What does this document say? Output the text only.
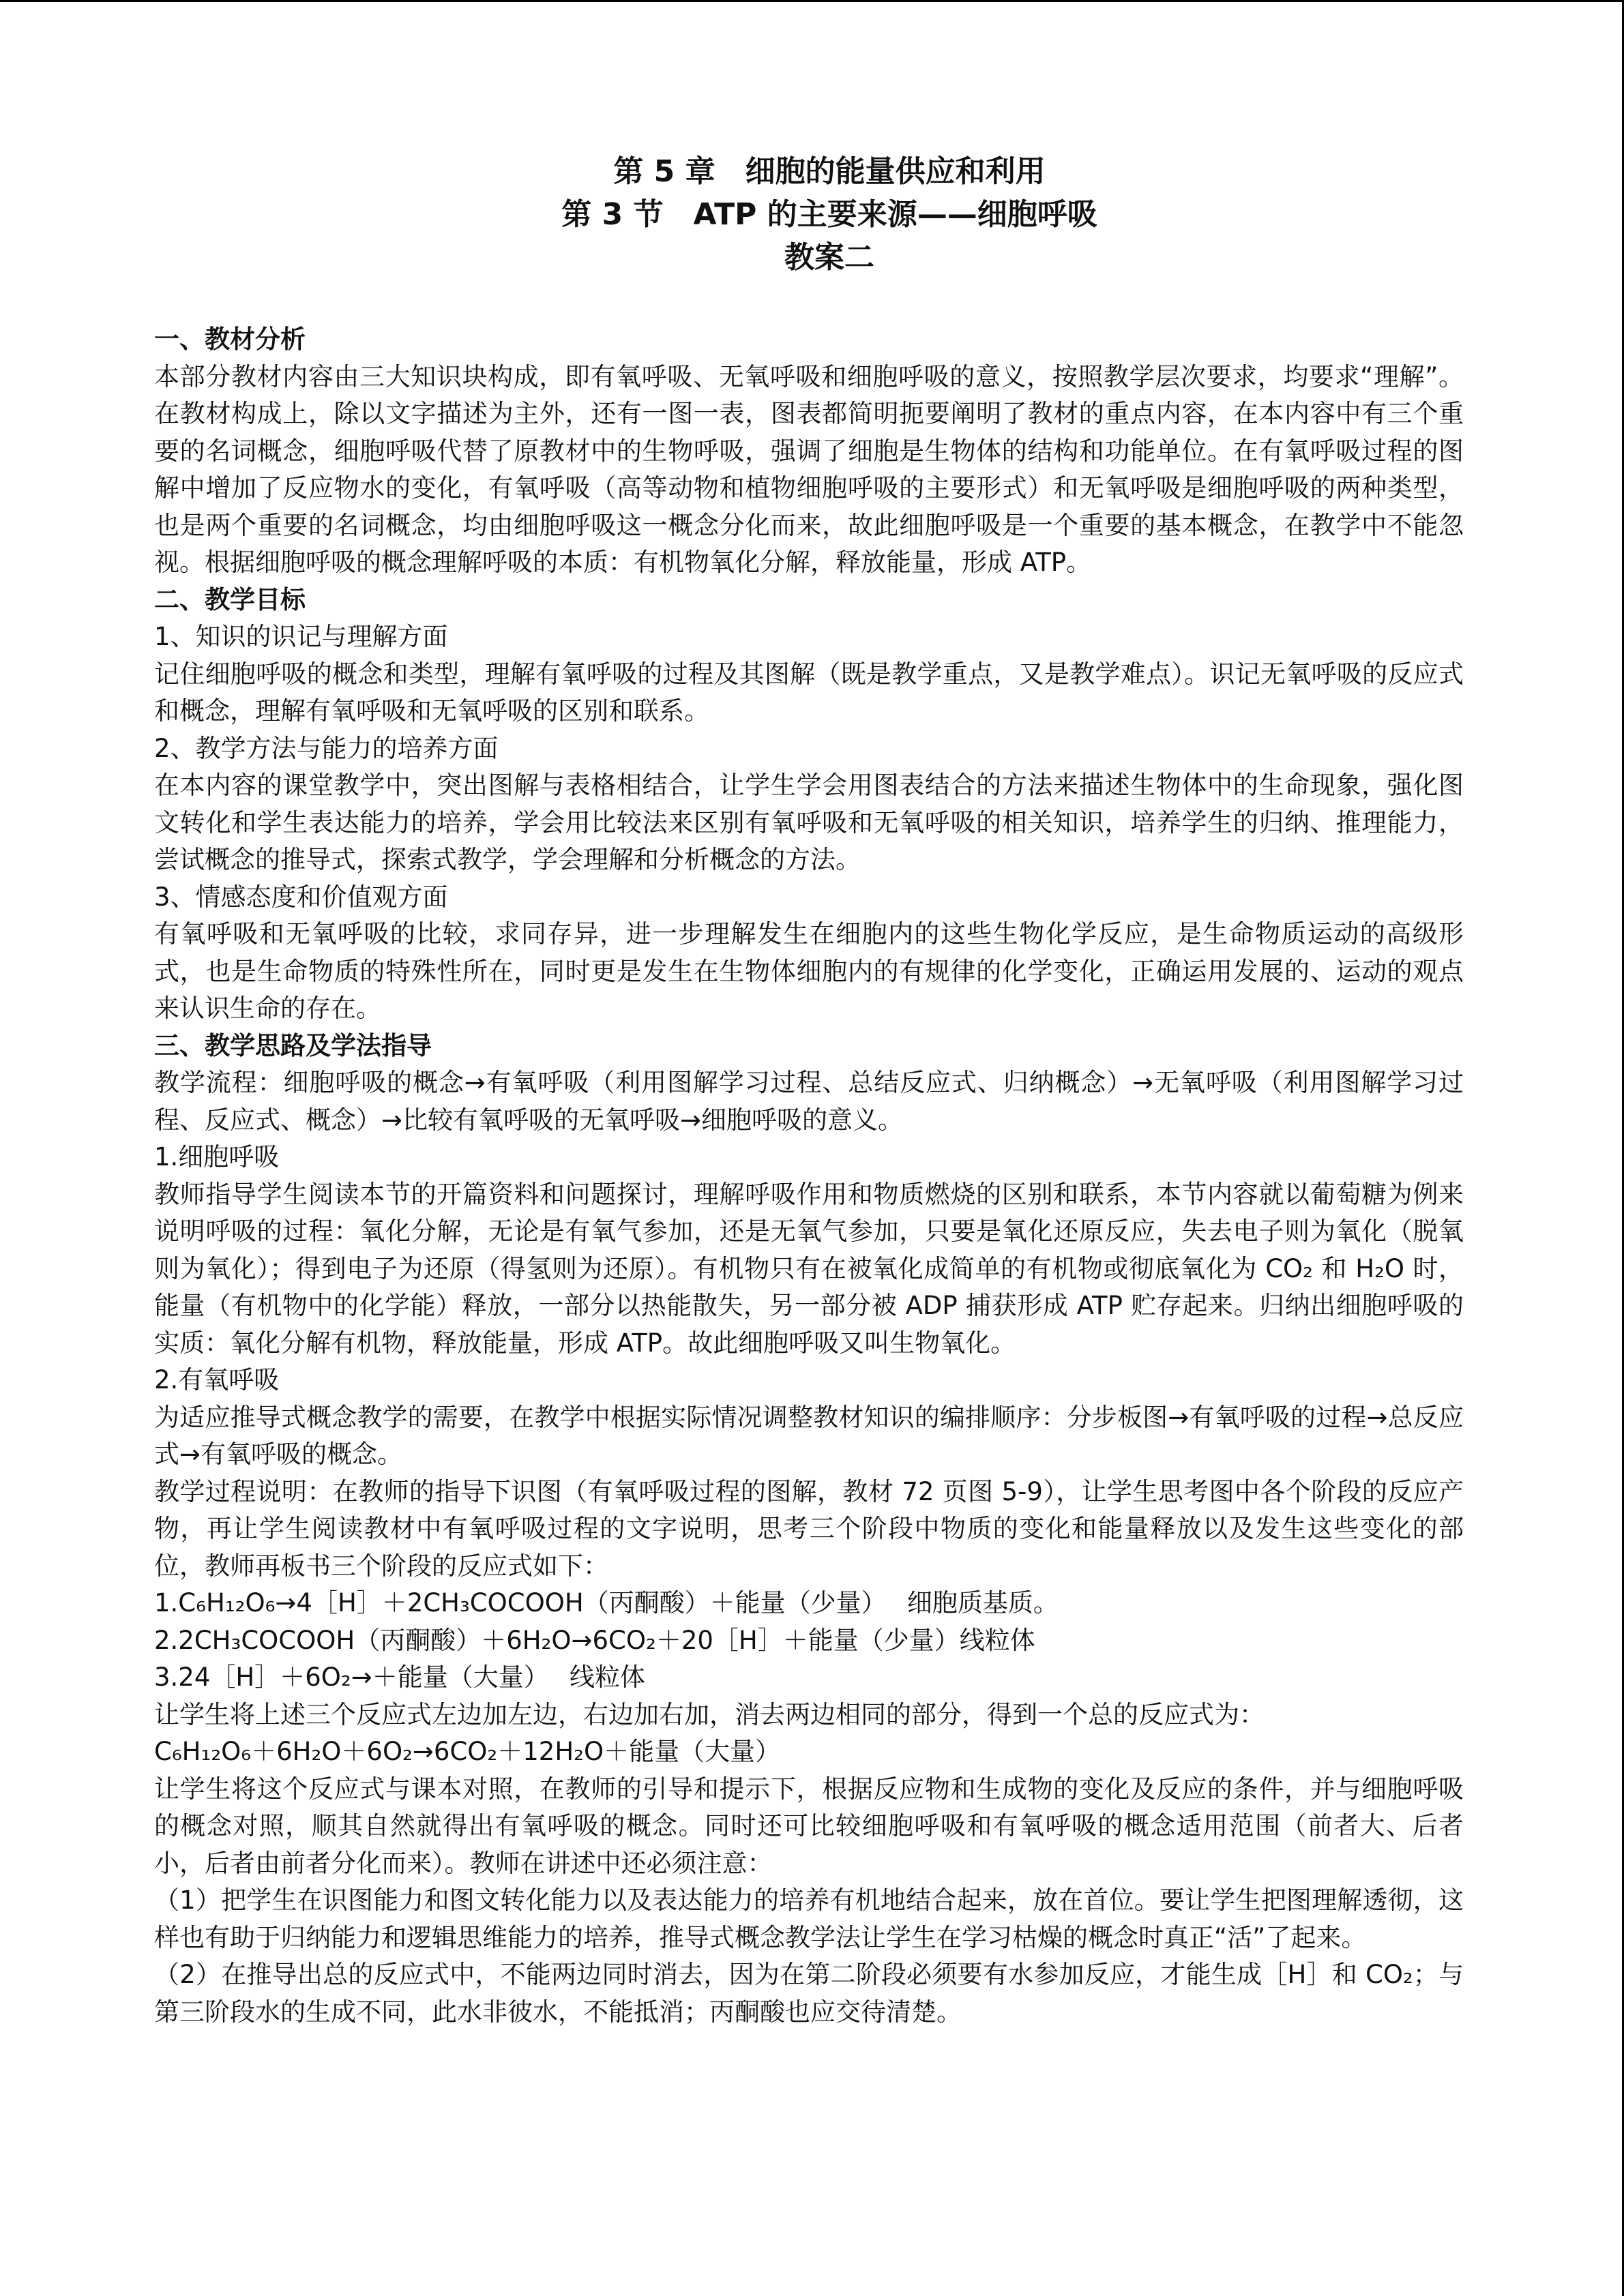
第 5 章　细胞的能量供应和利用
第 3 节　ATP 的主要来源——细胞呼吸
教案二

一、教材分析

本部分教材内容由三大知识块构成，即有氧呼吸、无氧呼吸和细胞呼吸的意义，按照教学层次要求，均要求“理解”。在教材构成上，除以文字描述为主外，还有一图一表，图表都简明扼要阐明了教材的重点内容，在本内容中有三个重要的名词概念，细胞呼吸代替了原教材中的生物呼吸，强调了细胞是生物体的结构和功能单位。在有氧呼吸过程的图解中增加了反应物水的变化，有氧呼吸（高等动物和植物细胞呼吸的主要形式）和无氧呼吸是细胞呼吸的两种类型，也是两个重要的名词概念，均由细胞呼吸这一概念分化而来，故此细胞呼吸是一个重要的基本概念，在教学中不能忽视。根据细胞呼吸的概念理解呼吸的本质：有机物氧化分解，释放能量，形成 ATP。

二、教学目标

1、知识的识记与理解方面

记住细胞呼吸的概念和类型，理解有氧呼吸的过程及其图解（既是教学重点，又是教学难点）。识记无氧呼吸的反应式和概念，理解有氧呼吸和无氧呼吸的区别和联系。

2、教学方法与能力的培养方面

在本内容的课堂教学中，突出图解与表格相结合，让学生学会用图表结合的方法来描述生物体中的生命现象，强化图文转化和学生表达能力的培养，学会用比较法来区别有氧呼吸和无氧呼吸的相关知识，培养学生的归纳、推理能力，尝试概念的推导式，探索式教学，学会理解和分析概念的方法。

3、情感态度和价值观方面

有氧呼吸和无氧呼吸的比较，求同存异，进一步理解发生在细胞内的这些生物化学反应，是生命物质运动的高级形式，也是生命物质的特殊性所在，同时更是发生在生物体细胞内的有规律的化学变化，正确运用发展的、运动的观点来认识生命的存在。

三、教学思路及学法指导

教学流程：细胞呼吸的概念→有氧呼吸（利用图解学习过程、总结反应式、归纳概念）→无氧呼吸（利用图解学习过程、反应式、概念）→比较有氧呼吸的无氧呼吸→细胞呼吸的意义。

1.细胞呼吸

教师指导学生阅读本节的开篇资料和问题探讨，理解呼吸作用和物质燃烧的区别和联系，本节内容就以葡萄糖为例来说明呼吸的过程：氧化分解，无论是有氧气参加，还是无氧气参加，只要是氧化还原反应，失去电子则为氧化（脱氧则为氧化）；得到电子为还原（得氢则为还原）。有机物只有在被氧化成简单的有机物或彻底氧化为 CO₂ 和 H₂O 时，能量（有机物中的化学能）释放，一部分以热能散失，另一部分被 ADP 捕获形成 ATP 贮存起来。归纳出细胞呼吸的实质：氧化分解有机物，释放能量，形成 ATP。故此细胞呼吸又叫生物氧化。

2.有氧呼吸

为适应推导式概念教学的需要，在教学中根据实际情况调整教材知识的编排顺序：分步板图→有氧呼吸的过程→总反应式→有氧呼吸的概念。

教学过程说明：在教师的指导下识图（有氧呼吸过程的图解，教材 72 页图 5-9），让学生思考图中各个阶段的反应产物，再让学生阅读教材中有氧呼吸过程的文字说明，思考三个阶段中物质的变化和能量释放以及发生这些变化的部位，教师再板书三个阶段的反应式如下：

1.C₆H₁₂O₆→4［H］＋2CH₃COCOOH（丙酮酸）＋能量（少量）　 细胞质基质。

2.2CH₃COCOOH（丙酮酸）＋6H₂O→6CO₂＋20［H］＋能量（少量）线粒体

3.24［H］＋6O₂→＋能量（大量）　 线粒体

让学生将上述三个反应式左边加左边，右边加右加，消去两边相同的部分，得到一个总的反应式为：

C₆H₁₂O₆＋6H₂O＋6O₂→6CO₂＋12H₂O＋能量（大量）

让学生将这个反应式与课本对照，在教师的引导和提示下，根据反应物和生成物的变化及反应的条件，并与细胞呼吸的概念对照，顺其自然就得出有氧呼吸的概念。同时还可比较细胞呼吸和有氧呼吸的概念适用范围（前者大、后者小，后者由前者分化而来）。教师在讲述中还必须注意：

（1）把学生在识图能力和图文转化能力以及表达能力的培养有机地结合起来，放在首位。要让学生把图理解透彻，这样也有助于归纳能力和逻辑思维能力的培养，推导式概念教学法让学生在学习枯燥的概念时真正“活”了起来。

（2）在推导出总的反应式中，不能两边同时消去，因为在第二阶段必须要有水参加反应，才能生成［H］和 CO₂；与第三阶段水的生成不同，此水非彼水，不能抵消；丙酮酸也应交待清楚。
